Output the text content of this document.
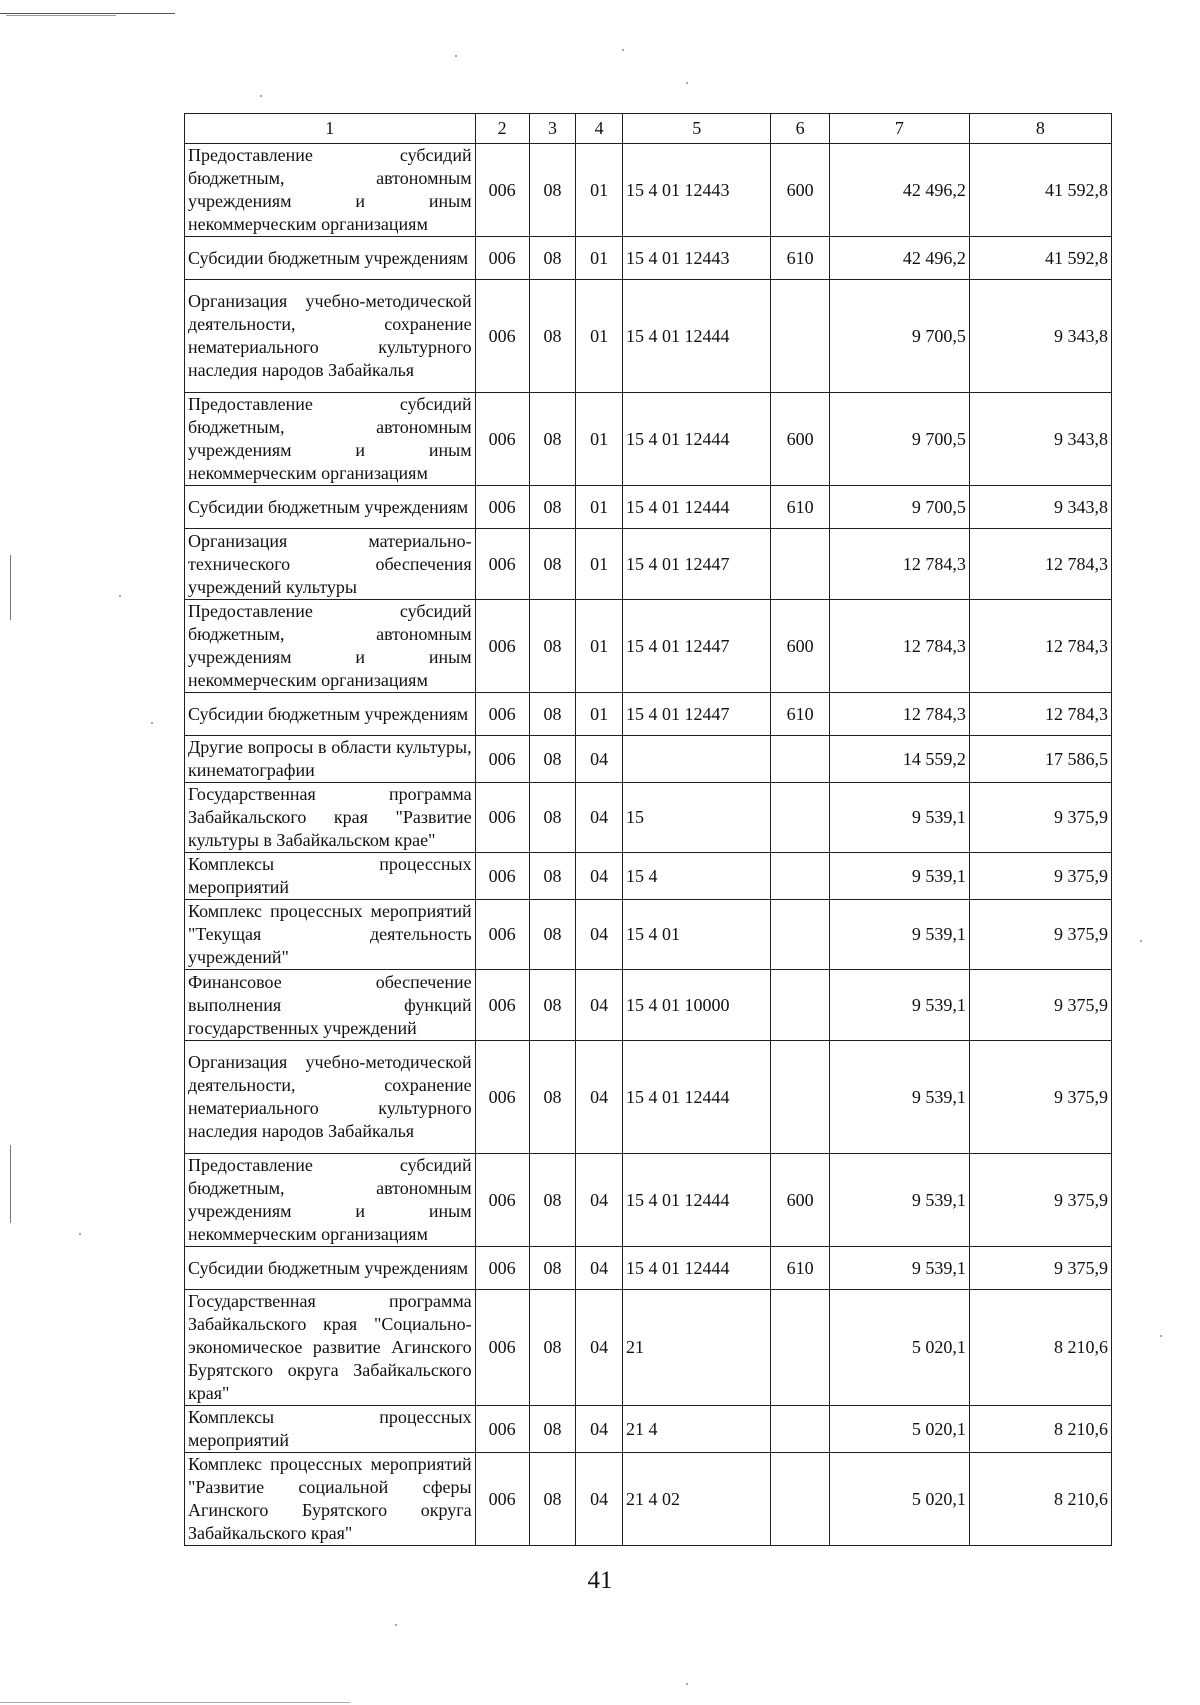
1	2	3	4	5	6	7	8
Предоставление субсидий бюджетным, автономным учреждениям и иным некоммерческим организациям	006	08	01	15 4 01 12443	600	42 496,2	41 592,8
Субсидии бюджетным учреждениям	006	08	01	15 4 01 12443	610	42 496,2	41 592,8
Организация учебно-методической деятельности, сохранение нематериального культурного наследия народов Забайкалья	006	08	01	15 4 01 12444		9 700,5	9 343,8
Предоставление субсидий бюджетным, автономным учреждениям и иным некоммерческим организациям	006	08	01	15 4 01 12444	600	9 700,5	9 343,8
Субсидии бюджетным учреждениям	006	08	01	15 4 01 12444	610	9 700,5	9 343,8
Организация материально-технического обеспечения учреждений культуры	006	08	01	15 4 01 12447		12 784,3	12 784,3
Предоставление субсидий бюджетным, автономным учреждениям и иным некоммерческим организациям	006	08	01	15 4 01 12447	600	12 784,3	12 784,3
Субсидии бюджетным учреждениям	006	08	01	15 4 01 12447	610	12 784,3	12 784,3
Другие вопросы в области культуры, кинематографии	006	08	04			14 559,2	17 586,5
Государственная программа Забайкальского края "Развитие культуры в Забайкальском крае"	006	08	04	15		9 539,1	9 375,9
Комплексы процессных мероприятий	006	08	04	15 4		9 539,1	9 375,9
Комплекс процессных мероприятий "Текущая деятельность учреждений"	006	08	04	15 4 01		9 539,1	9 375,9
Финансовое обеспечение выполнения функций государственных учреждений	006	08	04	15 4 01 10000		9 539,1	9 375,9
Организация учебно-методической деятельности, сохранение нематериального культурного наследия народов Забайкалья	006	08	04	15 4 01 12444		9 539,1	9 375,9
Предоставление субсидий бюджетным, автономным учреждениям и иным некоммерческим организациям	006	08	04	15 4 01 12444	600	9 539,1	9 375,9
Субсидии бюджетным учреждениям	006	08	04	15 4 01 12444	610	9 539,1	9 375,9
Государственная программа Забайкальского края "Социально-экономическое развитие Агинского Бурятского округа Забайкальского края"	006	08	04	21		5 020,1	8 210,6
Комплексы процессных мероприятий	006	08	04	21 4		5 020,1	8 210,6
Комплекс процессных мероприятий "Развитие социальной сферы Агинского Бурятского округа Забайкальского края"	006	08	04	21 4 02		5 020,1	8 210,6
41
